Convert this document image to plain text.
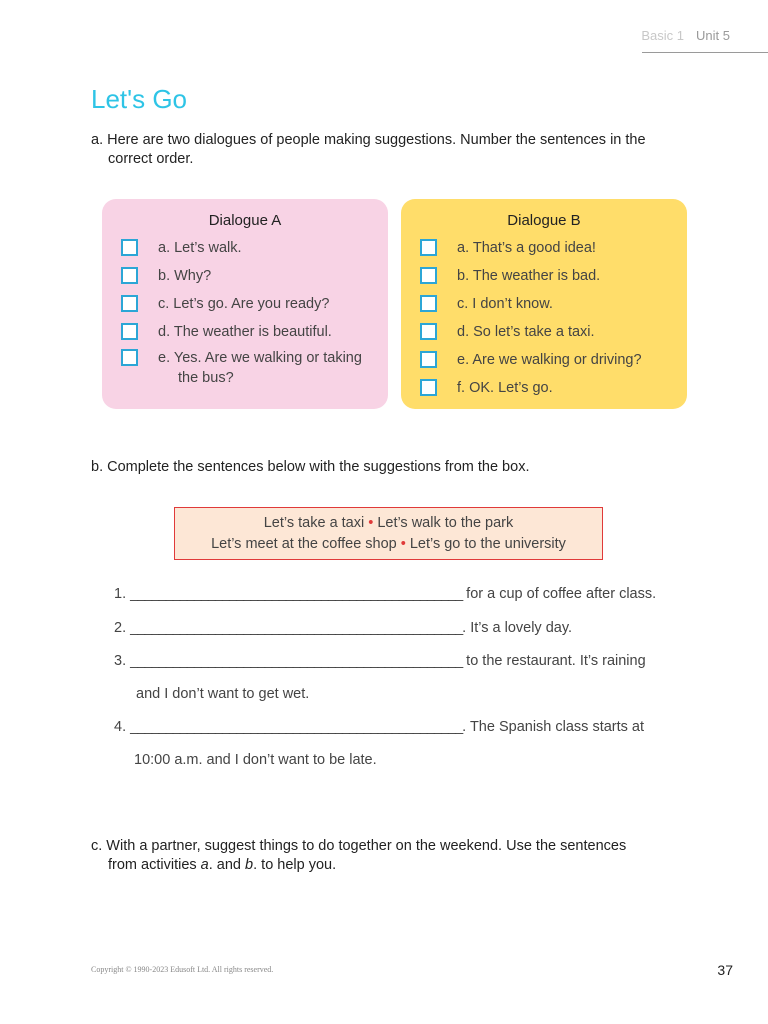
Basic 1 Unit 5
Let's Go
a. Here are two dialogues of people making suggestions. Number the sentences in the
correct order.
Dialogue A
a. Let’s walk.
b. Why?
c. Let’s go. Are you ready?
d. The weather is beautiful.
e. Yes. Are we walking or taking
the bus?
Dialogue B
a. That’s a good idea!
b. The weather is bad.
c. I don’t know.
d. So let’s take a taxi.
e. Are we walking or driving?
f. OK. Let’s go.
b. Complete the sentences below with the suggestions from the box.
Let’s take a taxi • Let’s walk to the park
Let’s meet at the coffee shop • Let’s go to the university
1. _______________________________________________ for a cup of coffee after class.
2. _______________________________________________. It’s a lovely day.
3. _______________________________________________ to the restaurant. It’s raining
and I don’t want to get wet.
4. _______________________________________________. The Spanish class starts at
10:00 a.m. and I don’t want to be late.
c. With a partner, suggest things to do together on the weekend. Use the sentences
from activities a. and b. to help you.
Copyright © 1990-2023 Edusoft Ltd. All rights reserved.	37
